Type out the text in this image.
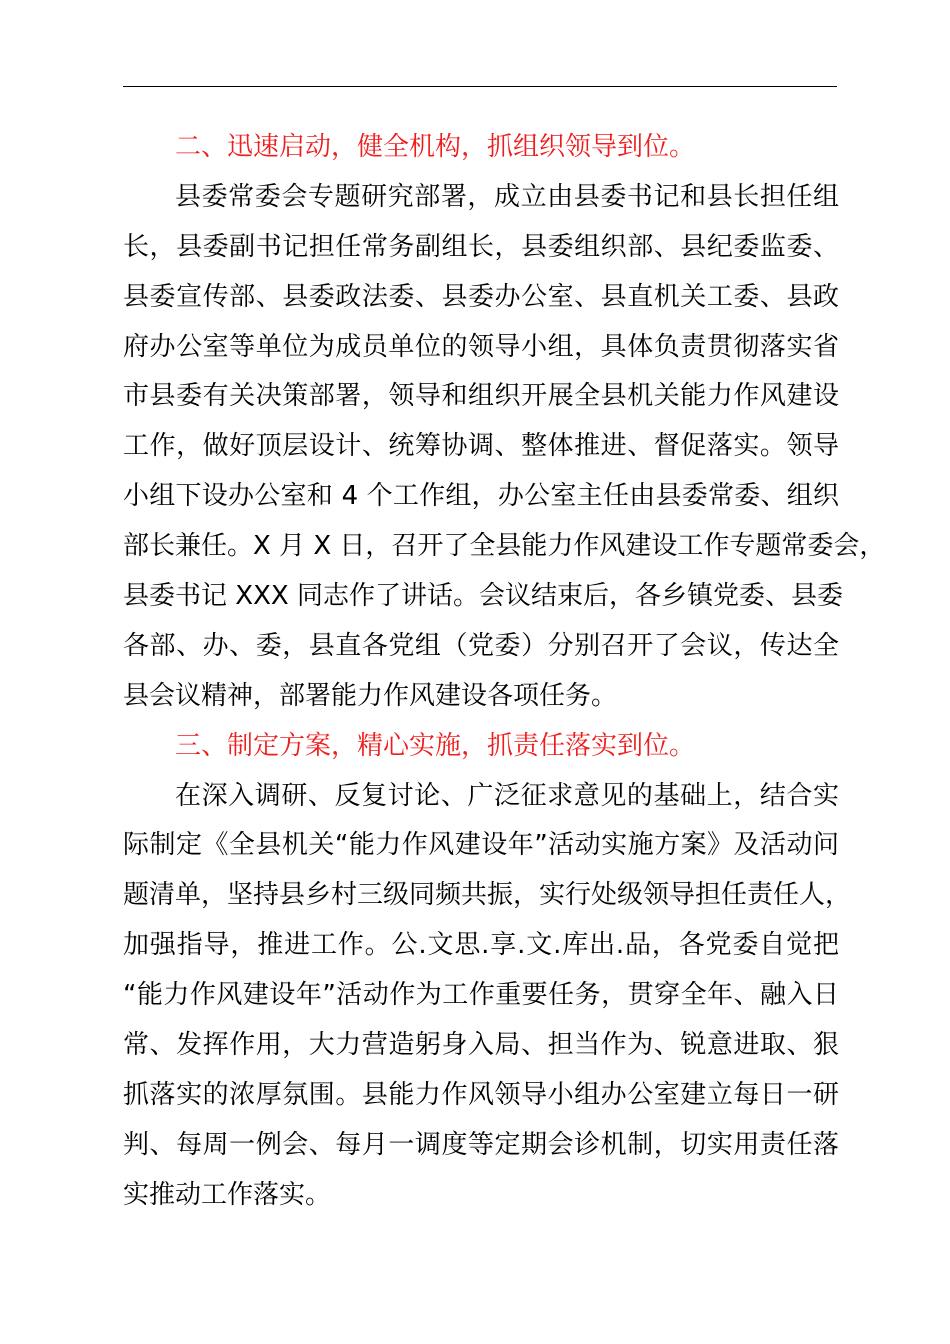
二、迅速启动，健全机构，抓组织领导到位。
县委常委会专题研究部署，成立由县委书记和县长担任组
长，县委副书记担任常务副组长，县委组织部、县纪委监委、
县委宣传部、县委政法委、县委办公室、县直机关工委、县政
府办公室等单位为成员单位的领导小组，具体负责贯彻落实省
市县委有关决策部署，领导和组织开展全县机关能力作风建设
工作，做好顶层设计、统筹协调、整体推进、督促落实。领导
小组下设办公室和 4 个工作组，办公室主任由县委常委、组织
部长兼任。X 月 X 日，召开了全县能力作风建设工作专题常委会，
县委书记 XXX 同志作了讲话。会议结束后，各乡镇党委、县委
各部、办、委，县直各党组（党委）分别召开了会议，传达全
县会议精神，部署能力作风建设各项任务。
三、制定方案，精心实施，抓责任落实到位。
在深入调研、反复讨论、广泛征求意见的基础上，结合实
际制定《全县机关“能力作风建设年”活动实施方案》及活动问
题清单，坚持县乡村三级同频共振，实行处级领导担任责任人，
加强指导，推进工作。公.文思.享.文.库出.品，各党委自觉把
“能力作风建设年”活动作为工作重要任务，贯穿全年、融入日
常、发挥作用，大力营造躬身入局、担当作为、锐意进取、狠
抓落实的浓厚氛围。县能力作风领导小组办公室建立每日一研
判、每周一例会、每月一调度等定期会诊机制，切实用责任落
实推动工作落实。
